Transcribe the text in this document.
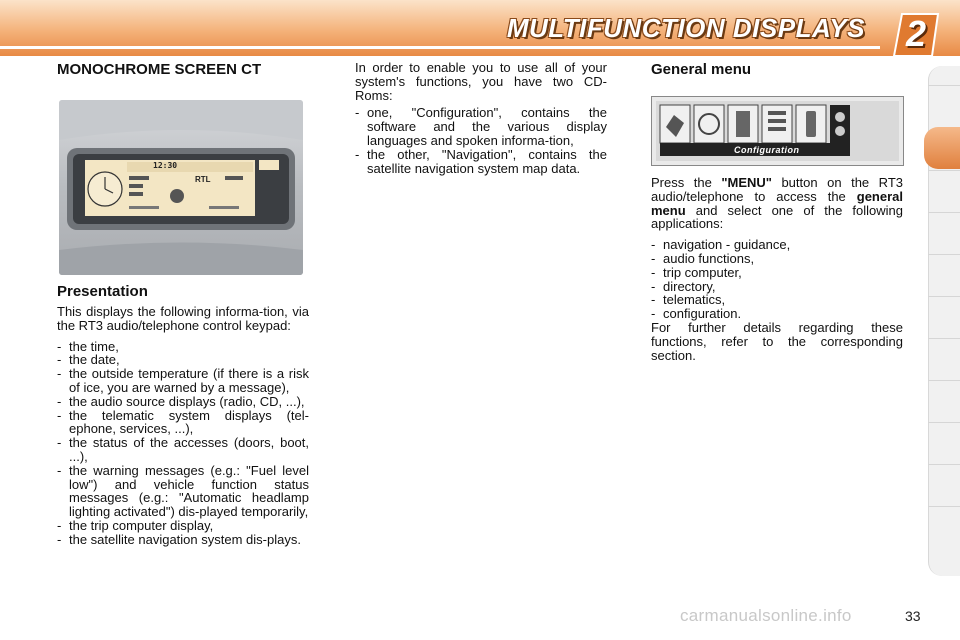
MULTIFUNCTION DISPLAYS	2
MONOCHROME SCREEN CT
12:30
RTL
Presentation

This displays the following informa-tion, via the RT3 audio/telephone control keypad:

- the time,
- the date,
- the outside temperature (if there is a risk of ice, you are warned by a message),
- the audio source displays (radio, CD, ...),
- the telematic system displays (tel-ephone, services, ...),
- the status of the accesses (doors, boot, ...),
- the warning messages (e.g.: "Fuel level low") and vehicle function status messages (e.g.: "Automatic headlamp lighting activated") dis-played temporarily,
- the trip computer display,
- the satellite navigation system dis-plays.

In order to enable you to use all of your system's functions, you have two CD-Roms:

- one, "Configuration", contains the software and the various display languages and spoken informa-tion,
- the other, "Navigation", contains the satellite navigation system map data.
General menu
Configuration

Press the "MENU" button on the RT3 audio/telephone to access the general menu and select one of the following applications:

- navigation - guidance,
- audio functions,
- trip computer,
- directory,
- telematics,
- configuration.

For further details regarding these functions, refer to the corresponding section.

carmanualsonline.info	33
